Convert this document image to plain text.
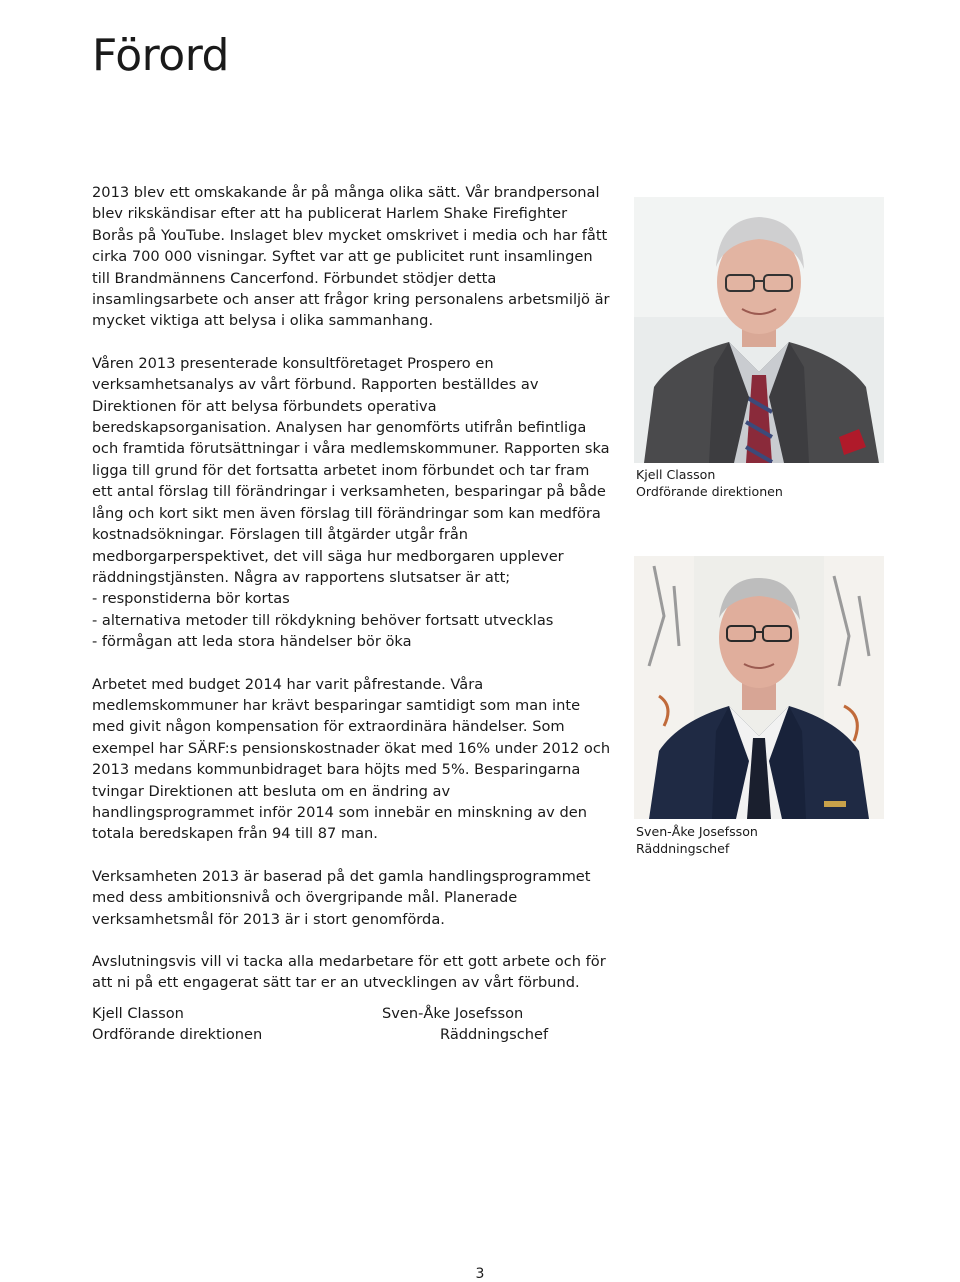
Förord

2013 blev ett omskakande år på många olika sätt. Vår brandpersonal blev rikskändisar efter att ha publicerat Harlem Shake Firefighter Borås på YouTube. Inslaget blev mycket omskrivet i media och har fått cirka 700 000 visningar. Syftet var att ge publicitet runt insamlingen till Brandmännens Cancerfond. Förbundet stödjer detta insamlingsarbete och anser att frågor kring personalens arbetsmiljö är mycket viktiga att belysa i olika sammanhang.

Våren 2013 presenterade konsultföretaget Prospero en verksamhetsanalys av vårt förbund. Rapporten beställdes av Direktionen för att belysa förbundets operativa beredskapsorganisation. Analysen har genomförts utifrån befintliga och framtida förutsättningar i våra medlemskommuner. Rapporten ska ligga till grund för det fortsatta arbetet inom förbundet och tar fram ett antal förslag till förändringar i verksamheten, besparingar på både lång och kort sikt men även förslag till förändringar som kan medföra kostnadsökningar. Förslagen till åtgärder utgår från medborgarperspektivet, det vill säga hur medborgaren upplever räddningstjänsten. Några av rapportens slutsatser är att;

- responstiderna bör kortas
- alternativa metoder till rökdykning behöver fortsatt utvecklas
- förmågan att leda stora händelser bör öka

Arbetet med budget 2014 har varit påfrestande. Våra medlemskommuner har krävt besparingar samtidigt som man inte med givit någon kompensation för extraordinära händelser. Som exempel har SÄRF:s pensionskostnader ökat med 16% under 2012 och 2013 medans kommunbidraget bara höjts med 5%. Besparingarna tvingar Direktionen att besluta om en ändring av handlingsprogrammet inför 2014 som innebär en minskning av den totala beredskapen från 94 till 87 man.

Verksamheten 2013 är baserad på det gamla handlingsprogrammet med dess ambitionsnivå och övergripande mål. Planerade verksamhetsmål för 2013 är i stort genomförda.

Avslutningsvis vill vi tacka alla medarbetare för ett gott arbete och för att ni på ett engagerat sätt tar er an utvecklingen av vårt förbund.

Kjell Classon
Ordförande direktionen
Sven-Åke Josefsson
Räddningschef
Kjell Classon
Ordförande direktionen
Sven-Åke Josefsson
Räddningschef
3
